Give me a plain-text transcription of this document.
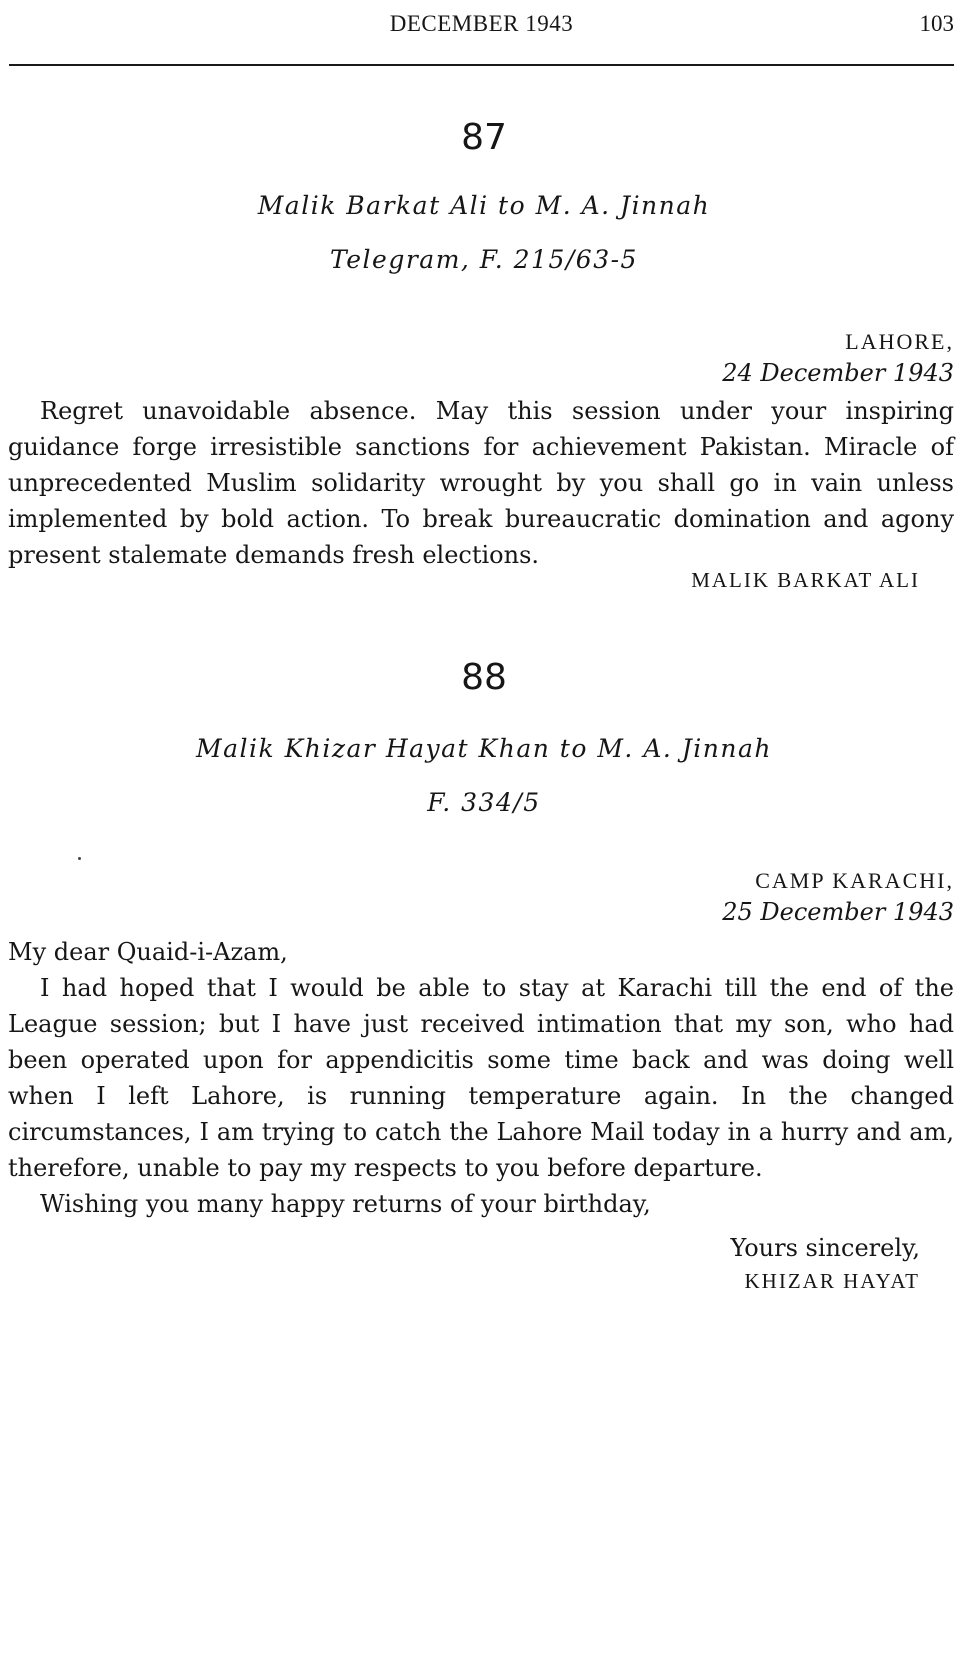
DECEMBER 1943	103
87
Malik Barkat Ali to M. A. Jinnah
Telegram, F. 215/63-5
LAHORE,
24 December 1943

Regret unavoidable absence. May this session under your inspiring guidance forge irresistible sanctions for achievement Pakistan. Miracle of unprecedented Muslim solidarity wrought by you shall go in vain unless implemented by bold action. To break bureaucratic domination and agony present stalemate demands fresh elections.

MALIK BARKAT ALI
88
Malik Khizar Hayat Khan to M. A. Jinnah
F. 334/5
CAMP KARACHI,
25 December 1943

My dear Quaid-i-Azam,

I had hoped that I would be able to stay at Karachi till the end of the League session; but I have just received intimation that my son, who had been operated upon for appendicitis some time back and was doing well when I left Lahore, is running temperature again. In the changed circumstances, I am trying to catch the Lahore Mail today in a hurry and am, therefore, unable to pay my respects to you before departure.

Wishing you many happy returns of your birthday,

Yours sincerely,
KHIZAR HAYAT
